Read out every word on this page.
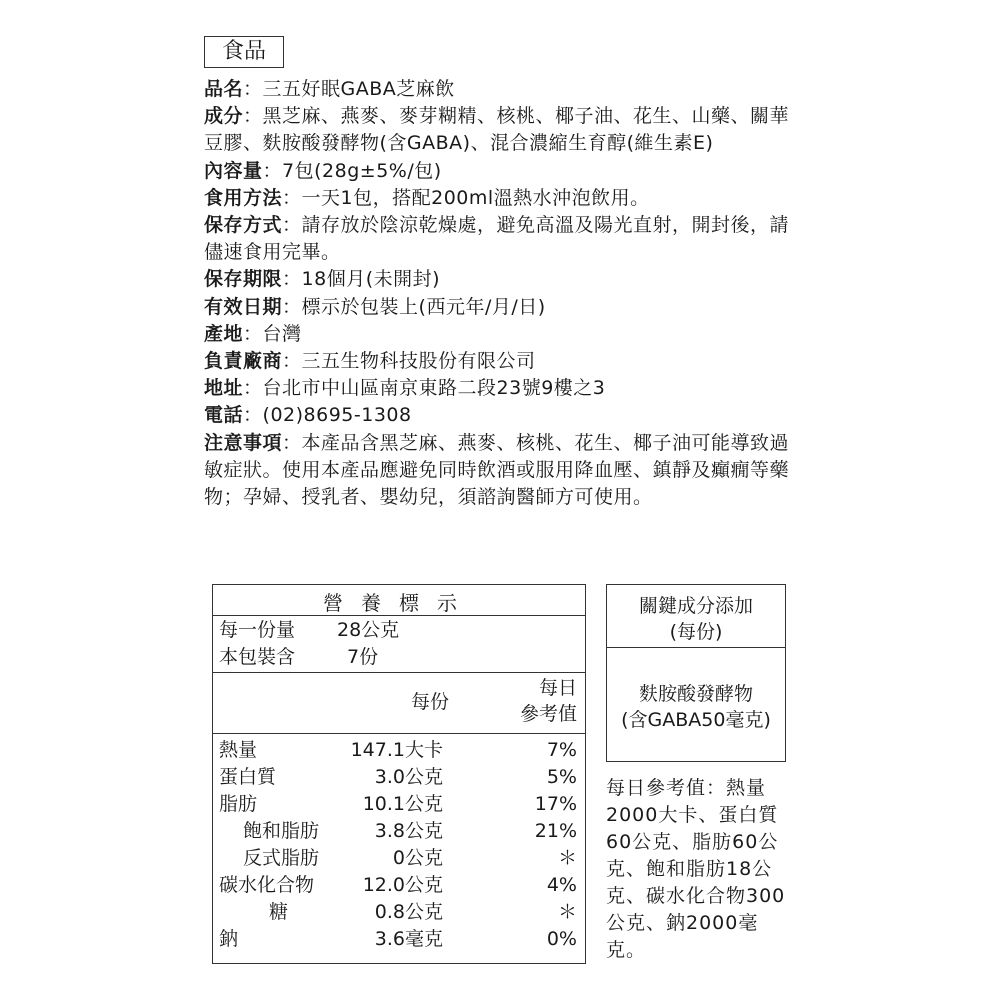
食品

品名：三五好眠GABA芝麻飲

成分：黑芝麻、燕麥、麥芽糊精、核桃、椰子油、花生、山藥、關華豆膠、麩胺酸發酵物(含GABA)、混合濃縮生育醇(維生素E)

內容量：7包(28g±5%/包)

食用方法：一天1包，搭配200ml溫熱水沖泡飲用。

保存方式：請存放於陰涼乾燥處，避免高溫及陽光直射，開封後，請儘速食用完畢。

保存期限：18個月(未開封)

有效日期：標示於包裝上(西元年/月/日)

產地：台灣

負責廠商：三五生物科技股份有限公司

地址：台北市中山區南京東路二段23號9樓之3

電話：(02)8695-1308

注意事項：本產品含黑芝麻、燕麥、核桃、花生、椰子油可能導致過敏症狀。使用本產品應避免同時飲酒或服用降血壓、鎮靜及癲癇等藥物；孕婦、授乳者、嬰幼兒，須諮詢醫師方可使用。

營養標示
每一份量 28公克
本包裝含	7份
每份
每日
參考值
熱量	147.1大卡	7%
蛋白質	3.0公克	5%
脂肪	10.1公克	17%
飽和脂肪	3.8公克	21%
反式脂肪	0公克	＊
碳水化合物	12.0公克	4%
糖	0.8公克	＊
鈉	3.6毫克	0%
關鍵成分添加
(每份)
麩胺酸發酵物
(含GABA50毫克)
每日參考值：熱量2000大卡、蛋白質60公克、脂肪60公克、飽和脂肪18公克、碳水化合物300公克、鈉2000毫克。
